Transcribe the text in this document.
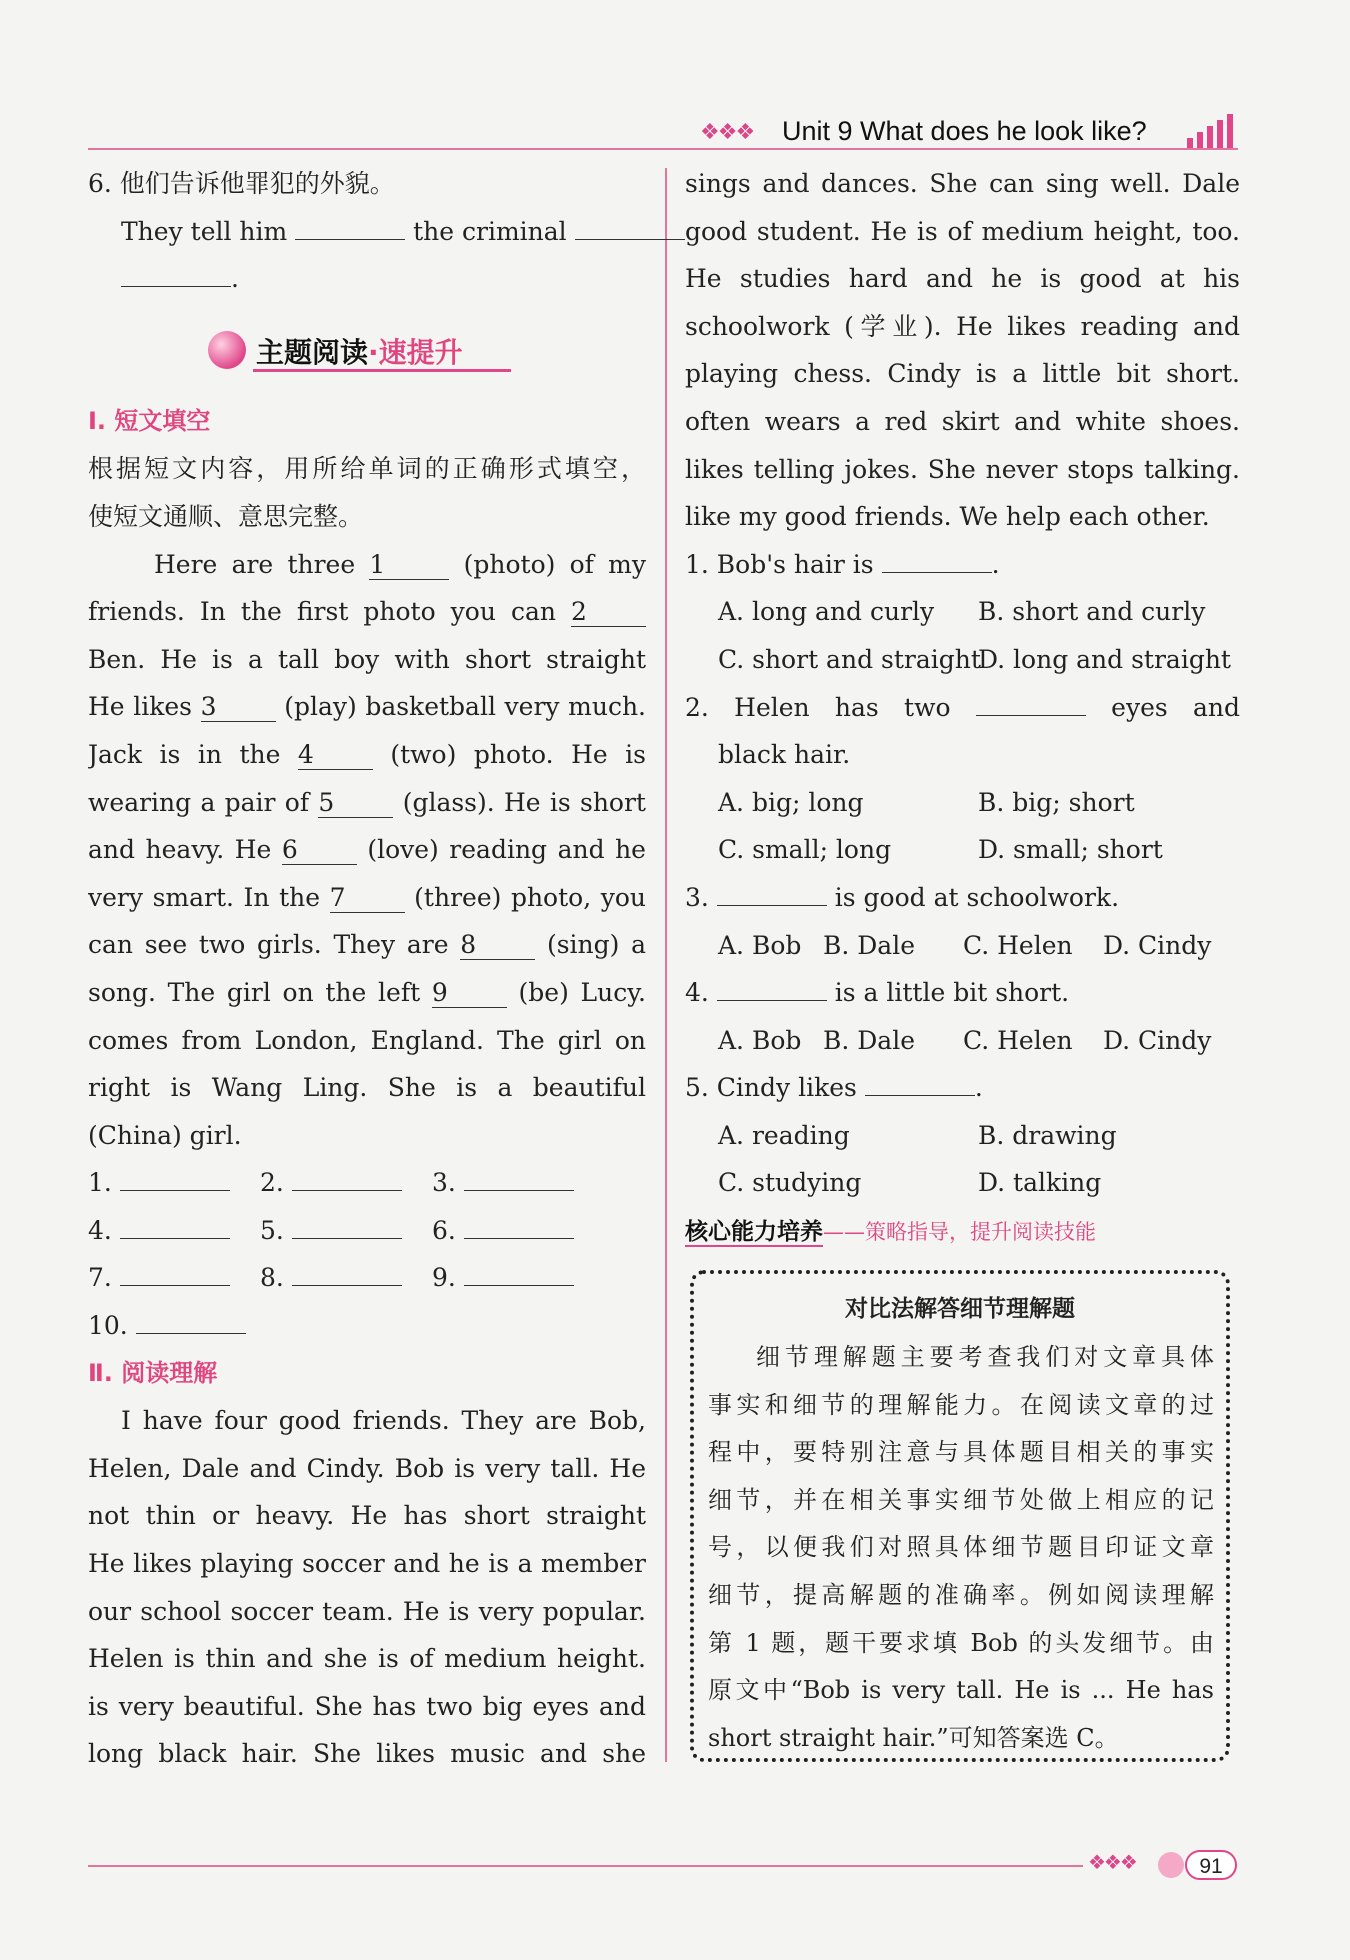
❖❖❖ Unit 9 What does he look like?
6. 他们告诉他罪犯的外貌。
They tell him	the criminal
.
主题阅读·速提升
Ⅰ. 短文填空
根据短文内容，用所给单词的正确形式填空，
使短文通顺、意思完整。
Here are three 1	(photo) of my
friends. In the first photo you can 2
Ben. He is a tall boy with short straight
He likes 3	(play) basketball very much.
Jack is in the 4	(two) photo. He is
wearing a pair of 5	(glass). He is short
and heavy. He 6	(love) reading and he
very smart. In the 7	(three) photo, you
can see two girls. They are 8	(sing) a
song. The girl on the left 9	(be) Lucy.
comes from London, England. The girl on
right is Wang Ling. She is a beautiful
(China) girl.
1.	2.	3.
4.	5.	6.
7.	8.	9.
10.
Ⅱ. 阅读理解
I have four good friends. They are Bob,
Helen, Dale and Cindy. Bob is very tall. He
not thin or heavy. He has short straight
He likes playing soccer and he is a member
our school soccer team. He is very popular.
Helen is thin and she is of medium height.
is very beautiful. She has two big eyes and
long black hair. She likes music and she
sings and dances. She can sing well. Dale
good student. He is of medium height, too.
He studies hard and he is good at his
schoolwork (学业). He likes reading and
playing chess. Cindy is a little bit short.
often wears a red skirt and white shoes.
likes telling jokes. She never stops talking.
like my good friends. We help each other.
1. Bob's hair is	.
A. long and curly	B. short and curly
C. short and straight
D. long and straight
2. Helen has two	eyes and
black hair.
A. big; long	B. big; short
C. small; long	D. small; short
3.	is good at schoolwork.
A. Bob B. Dale	C. Helen	D. Cindy
4.	is a little bit short.
A. Bob B. Dale	C. Helen	D. Cindy
5. Cindy likes	.
A. reading	B. drawing
C. studying	D. talking
核心能力培养——策略指导，提升阅读技能
对比法解答细节理解题
细节理解题主要考查我们对文章具体
事实和细节的理解能力。在阅读文章的过
程中，要特别注意与具体题目相关的事实
细节，并在相关事实细节处做上相应的记
号，以便我们对照具体细节题目印证文章
细节，提高解题的准确率。例如阅读理解
第 1 题，题干要求填 Bob 的头发细节。由
原文中“Bob is very tall. He is ... He has
short straight hair.”可知答案选 C。
❖❖❖	91
